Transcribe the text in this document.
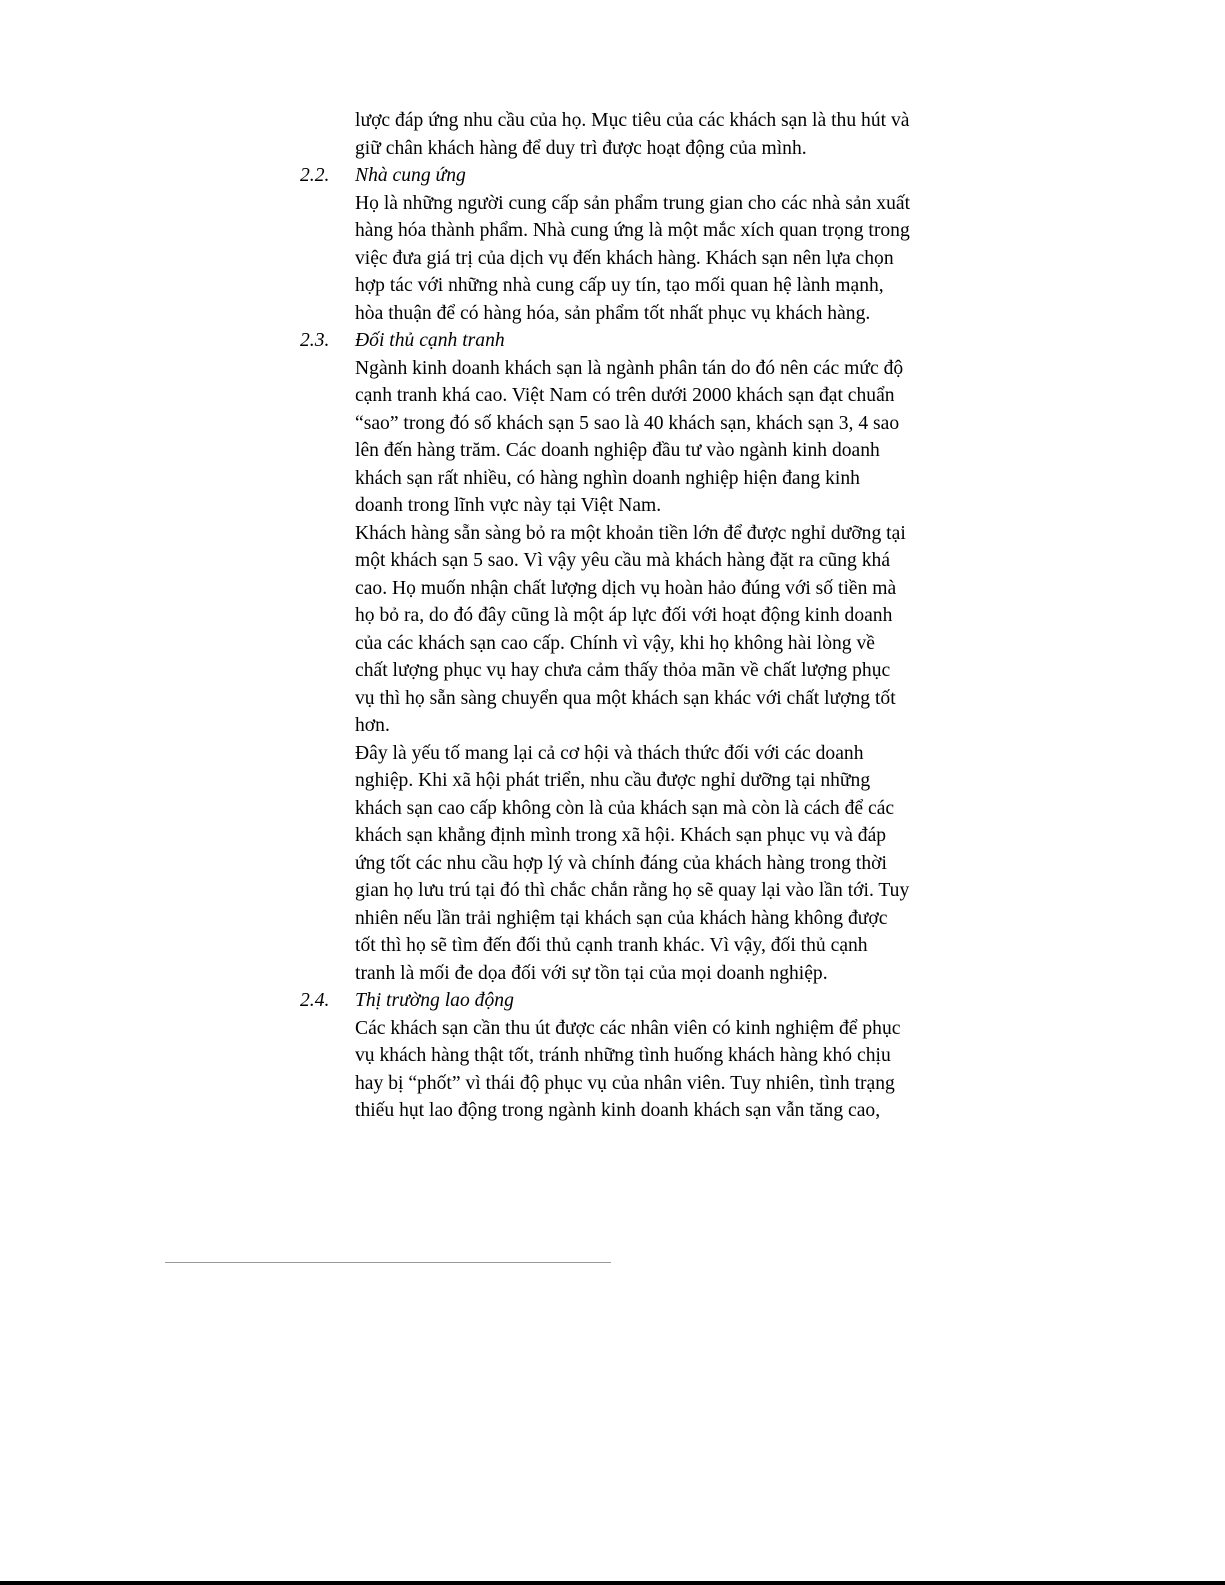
lược đáp ứng nhu cầu của họ. Mục tiêu của các khách sạn là thu hút và

giữ chân khách hàng để duy trì được hoạt động của mình.

2.2. Nhà cung ứng

Họ là những người cung cấp sản phẩm trung gian cho các nhà sản xuất

hàng hóa thành phẩm. Nhà cung ứng là một mắc xích quan trọng trong

việc đưa giá trị của dịch vụ đến khách hàng. Khách sạn nên lựa chọn

hợp tác với những nhà cung cấp uy tín, tạo mối quan hệ lành mạnh,

hòa thuận để có hàng hóa, sản phẩm tốt nhất phục vụ khách hàng.

2.3. Đối thủ cạnh tranh

Ngành kinh doanh khách sạn là ngành phân tán do đó nên các mức độ

cạnh tranh khá cao. Việt Nam có trên dưới 2000 khách sạn đạt chuẩn

“sao” trong đó số khách sạn 5 sao là 40 khách sạn, khách sạn 3, 4 sao

lên đến hàng trăm. Các doanh nghiệp đầu tư vào ngành kinh doanh

khách sạn rất nhiều, có hàng nghìn doanh nghiệp hiện đang kinh

doanh trong lĩnh vực này tại Việt Nam.

Khách hàng sẵn sàng bỏ ra một khoản tiền lớn để được nghỉ dưỡng tại

một khách sạn 5 sao. Vì vậy yêu cầu mà khách hàng đặt ra cũng khá

cao. Họ muốn nhận chất lượng dịch vụ hoàn hảo đúng với số tiền mà

họ bỏ ra, do đó đây cũng là một áp lực đối với hoạt động kinh doanh

của các khách sạn cao cấp. Chính vì vậy, khi họ không hài lòng về

chất lượng phục vụ hay chưa cảm thấy thỏa mãn về chất lượng phục

vụ thì họ sẵn sàng chuyển qua một khách sạn khác với chất lượng tốt

hơn.

Đây là yếu tố mang lại cả cơ hội và thách thức đối với các doanh

nghiệp. Khi xã hội phát triển, nhu cầu được nghỉ dưỡng tại những

khách sạn cao cấp không còn là của khách sạn mà còn là cách để các

khách sạn khẳng định mình trong xã hội. Khách sạn phục vụ và đáp

ứng tốt các nhu cầu hợp lý và chính đáng của khách hàng trong thời

gian họ lưu trú tại đó thì chắc chắn rằng họ sẽ quay lại vào lần tới. Tuy

nhiên nếu lần trải nghiệm tại khách sạn của khách hàng không được

tốt thì họ sẽ tìm đến đối thủ cạnh tranh khác. Vì vậy, đối thủ cạnh

tranh là mối đe dọa đối với sự tồn tại của mọi doanh nghiệp.

2.4. Thị trường lao động

Các khách sạn cần thu út được các nhân viên có kinh nghiệm để phục

vụ khách hàng thật tốt, tránh những tình huống khách hàng khó chịu

hay bị “phốt” vì thái độ phục vụ của nhân viên. Tuy nhiên, tình trạng

thiếu hụt lao động trong ngành kinh doanh khách sạn vẫn tăng cao,
